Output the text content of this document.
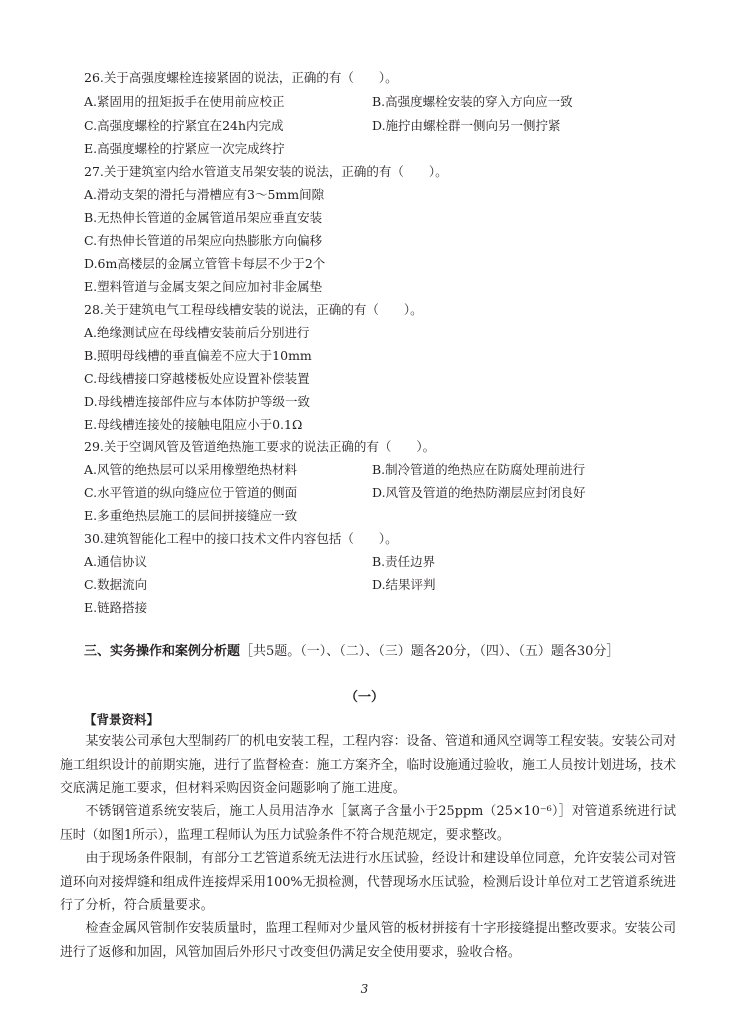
26.关于高强度螺栓连接紧固的说法，正确的有（　　）。
A.紧固用的扭矩扳手在使用前应校正	B.高强度螺栓安装的穿入方向应一致
C.高强度螺栓的拧紧宜在24h内完成	D.施拧由螺栓群一侧向另一侧拧紧
E.高强度螺栓的拧紧应一次完成终拧
27.关于建筑室内给水管道支吊架安装的说法，正确的有（　　）。
A.滑动支架的滑托与滑槽应有3～5mm间隙
B.无热伸长管道的金属管道吊架应垂直安装
C.有热伸长管道的吊架应向热膨胀方向偏移
D.6m高楼层的金属立管管卡每层不少于2个
E.塑料管道与金属支架之间应加衬非金属垫
28.关于建筑电气工程母线槽安装的说法，正确的有（　　）。
A.绝缘测试应在母线槽安装前后分别进行
B.照明母线槽的垂直偏差不应大于10mm
C.母线槽接口穿越楼板处应设置补偿装置
D.母线槽连接部件应与本体防护等级一致
E.母线槽连接处的接触电阻应小于0.1Ω
29.关于空调风管及管道绝热施工要求的说法正确的有（　　）。
A.风管的绝热层可以采用橡塑绝热材料	B.制冷管道的绝热应在防腐处理前进行
C.水平管道的纵向缝应位于管道的侧面	D.风管及管道的绝热防潮层应封闭良好
E.多重绝热层施工的层间拼接缝应一致
30.建筑智能化工程中的接口技术文件内容包括（　　）。
A.通信协议	B.责任边界
C.数据流向	D.结果评判
E.链路搭接
三、实务操作和案例分析题［共5题。（一）、（二）、（三）题各20分，（四）、（五）题各30分］
（一）
【背景资料】
某安装公司承包大型制药厂的机电安装工程，工程内容：设备、管道和通风空调等工程安装。安装公司对施工组织设计的前期实施，进行了监督检查：施工方案齐全，临时设施通过验收，施工人员按计划进场，技术交底满足施工要求，但材料采购因资金问题影响了施工进度。
不锈钢管道系统安装后，施工人员用洁净水［氯离子含量小于25ppm（25×10⁻⁶）］对管道系统进行试压时（如图1所示），监理工程师认为压力试验条件不符合规范规定，要求整改。
由于现场条件限制，有部分工艺管道系统无法进行水压试验，经设计和建设单位同意，允许安装公司对管道环向对接焊缝和组成件连接焊采用100%无损检测，代替现场水压试验，检测后设计单位对工艺管道系统进行了分析，符合质量要求。
检查金属风管制作安装质量时，监理工程师对少量风管的板材拼接有十字形接缝提出整改要求。安装公司进行了返修和加固，风管加固后外形尺寸改变但仍满足安全使用要求，验收合格。
3
